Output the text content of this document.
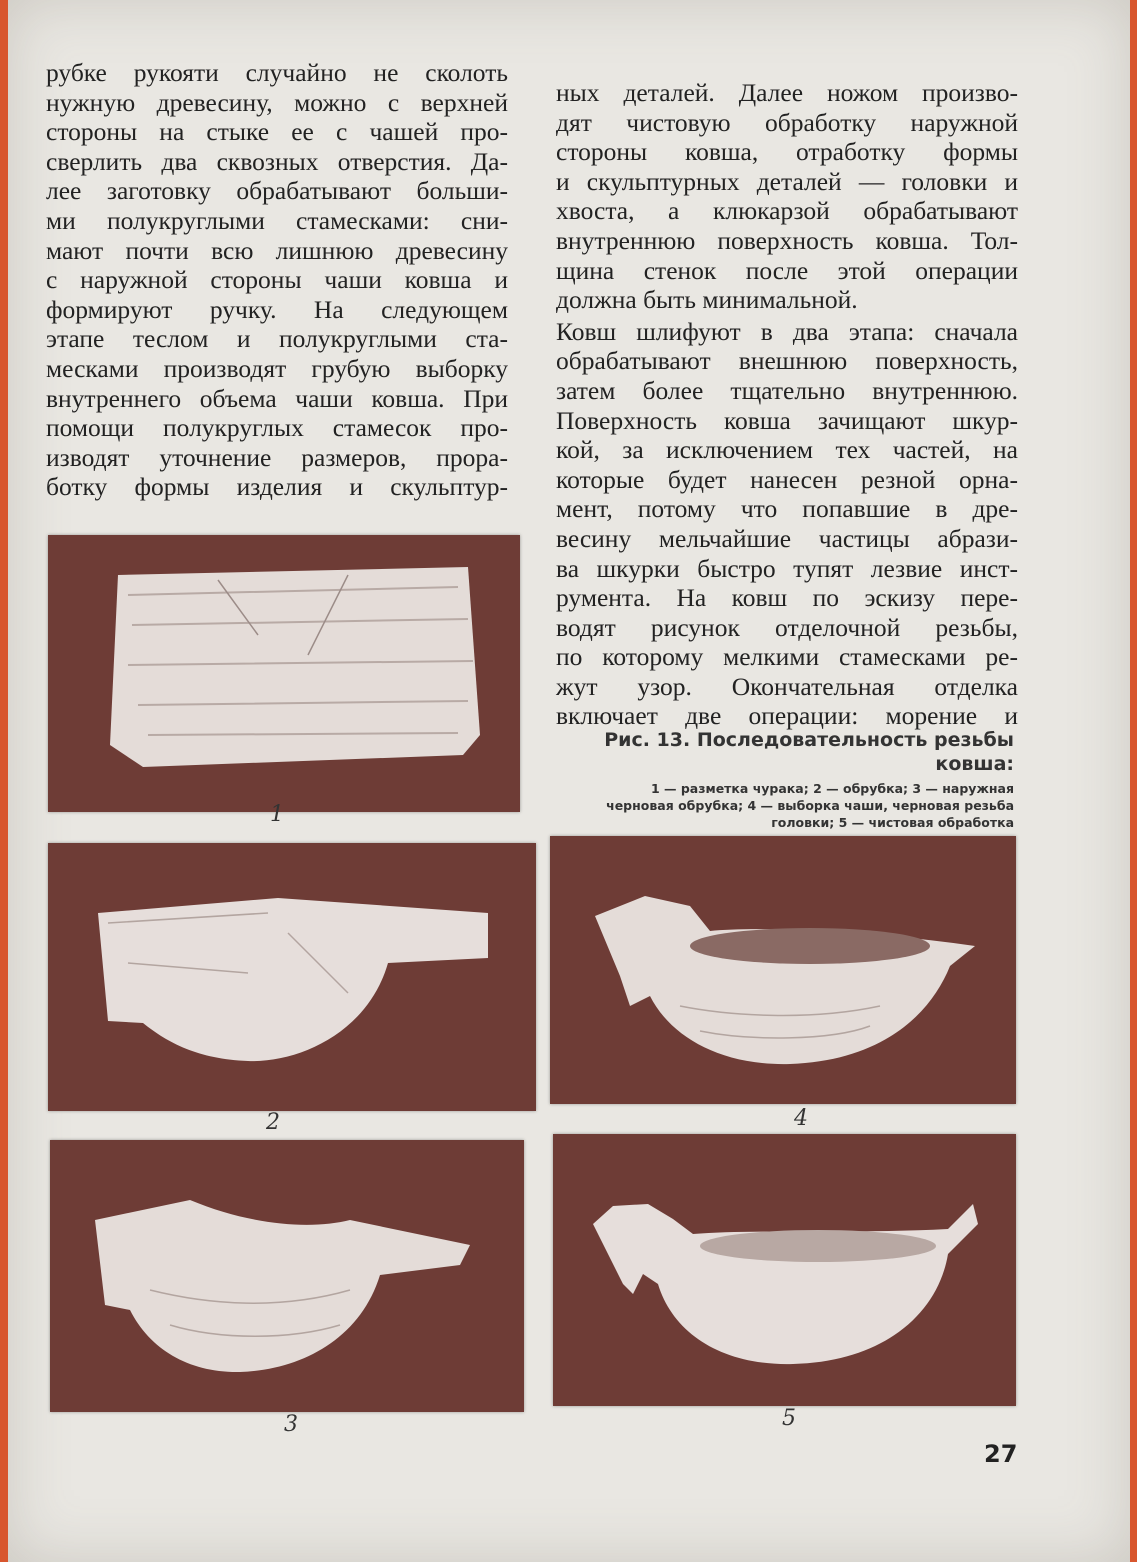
рубке рукояти случайно не сколоть
нужную древесину, можно с верхней
стороны на стыке ее с чашей про-
сверлить два сквозных отверстия. Да-
лее заготовку обрабатывают больши-
ми полукруглыми стамесками: сни-
мают почти всю лишнюю древесину
с наружной стороны чаши ковша и
формируют ручку. На следующем
этапе теслом и полукруглыми ста-
месками производят грубую выборку
внутреннего объема чаши ковша. При
помощи полукруглых стамесок про-
изводят уточнение размеров, прора-
ботку формы изделия и скульптур-

ных деталей. Далее ножом произво-
дят чистовую обработку наружной
стороны ковша, отработку формы
и скульптурных деталей — головки и
хвоста, а клюкарзой обрабатывают
внутреннюю поверхность ковша. Тол-
щина стенок после этой операции
должна быть минимальной.

Ковш шлифуют в два этапа: сначала
обрабатывают внешнюю поверхность,
затем более тщательно внутреннюю.
Поверхность ковша зачищают шкур-
кой, за исключением тех частей, на
которые будет нанесен резной орна-
мент, потому что попавшие в дре-
весину мельчайшие частицы абрази-
ва шкурки быстро тупят лезвие инст-
румента. На ковш по эскизу пере-
водят рисунок отделочной резьбы,
по которому мелкими стамесками ре-
жут узор. Окончательная отделка
включает две операции: морение и

Рис. 13. Последовательность резьбы
ковша:
1 — разметка чурака; 2 — обрубка; 3 — наружная
черновая обрубка; 4 — выборка чаши, черновая резьба
головки; 5 — чистовая обработка
1
2	4
3	5
27
